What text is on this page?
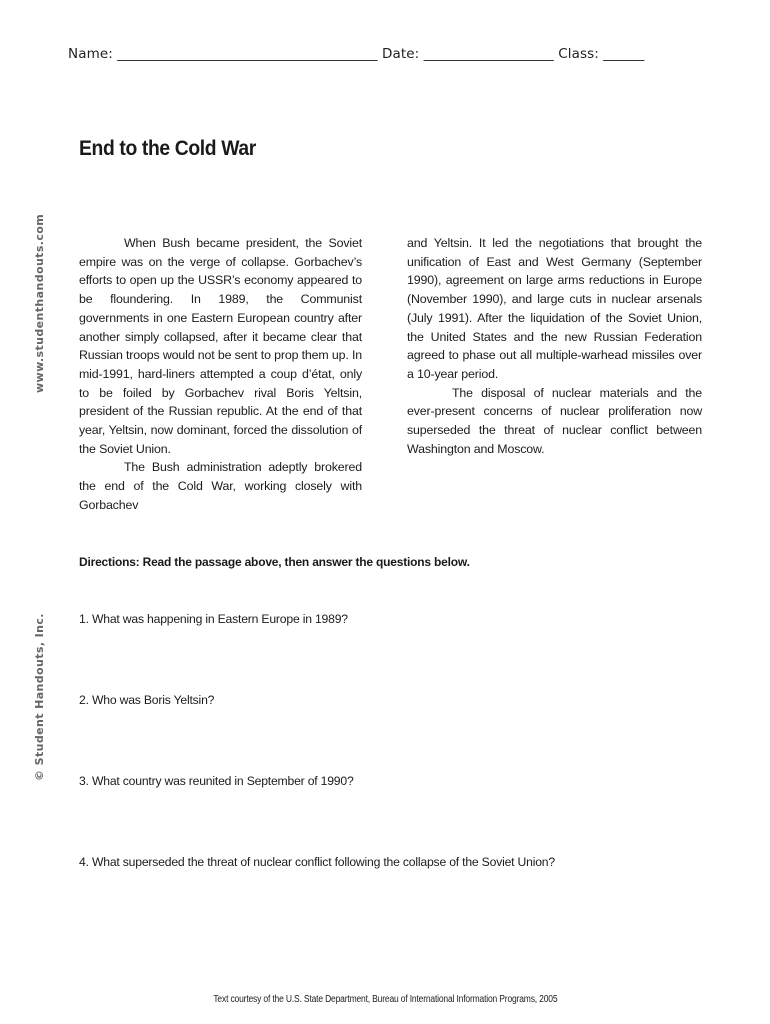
Name: ______________________________________ Date: ___________________ Class: ______
www.studenthandouts.com
© Student Handouts, Inc.
End to the Cold War

When Bush became president, the Soviet empire was on the verge of collapse. Gorbachev’s efforts to open up the USSR’s economy appeared to be floundering. In 1989, the Communist governments in one Eastern European country after another simply collapsed, after it became clear that Russian troops would not be sent to prop them up. In mid-1991, hard-liners attempted a coup d’état, only to be foiled by Gorbachev rival Boris Yeltsin, president of the Russian republic. At the end of that year, Yeltsin, now dominant, forced the dissolution of the Soviet Union.

The Bush administration adeptly brokered the end of the Cold War, working closely with Gorbachev

and Yeltsin. It led the negotiations that brought the unification of East and West Germany (September 1990), agreement on large arms reductions in Europe (November 1990), and large cuts in nuclear arsenals (July 1991). After the liquidation of the Soviet Union, the United States and the new Russian Federation agreed to phase out all multiple-warhead missiles over a 10-year period.

The disposal of nuclear materials and the ever-present concerns of nuclear proliferation now superseded the threat of nuclear conflict between Washington and Moscow.

Directions: Read the passage above, then answer the questions below.
1. What was happening in Eastern Europe in 1989?
2. Who was Boris Yeltsin?
3. What country was reunited in September of 1990?
4. What superseded the threat of nuclear conflict following the collapse of the Soviet Union?
Text courtesy of the U.S. State Department, Bureau of International Information Programs, 2005
